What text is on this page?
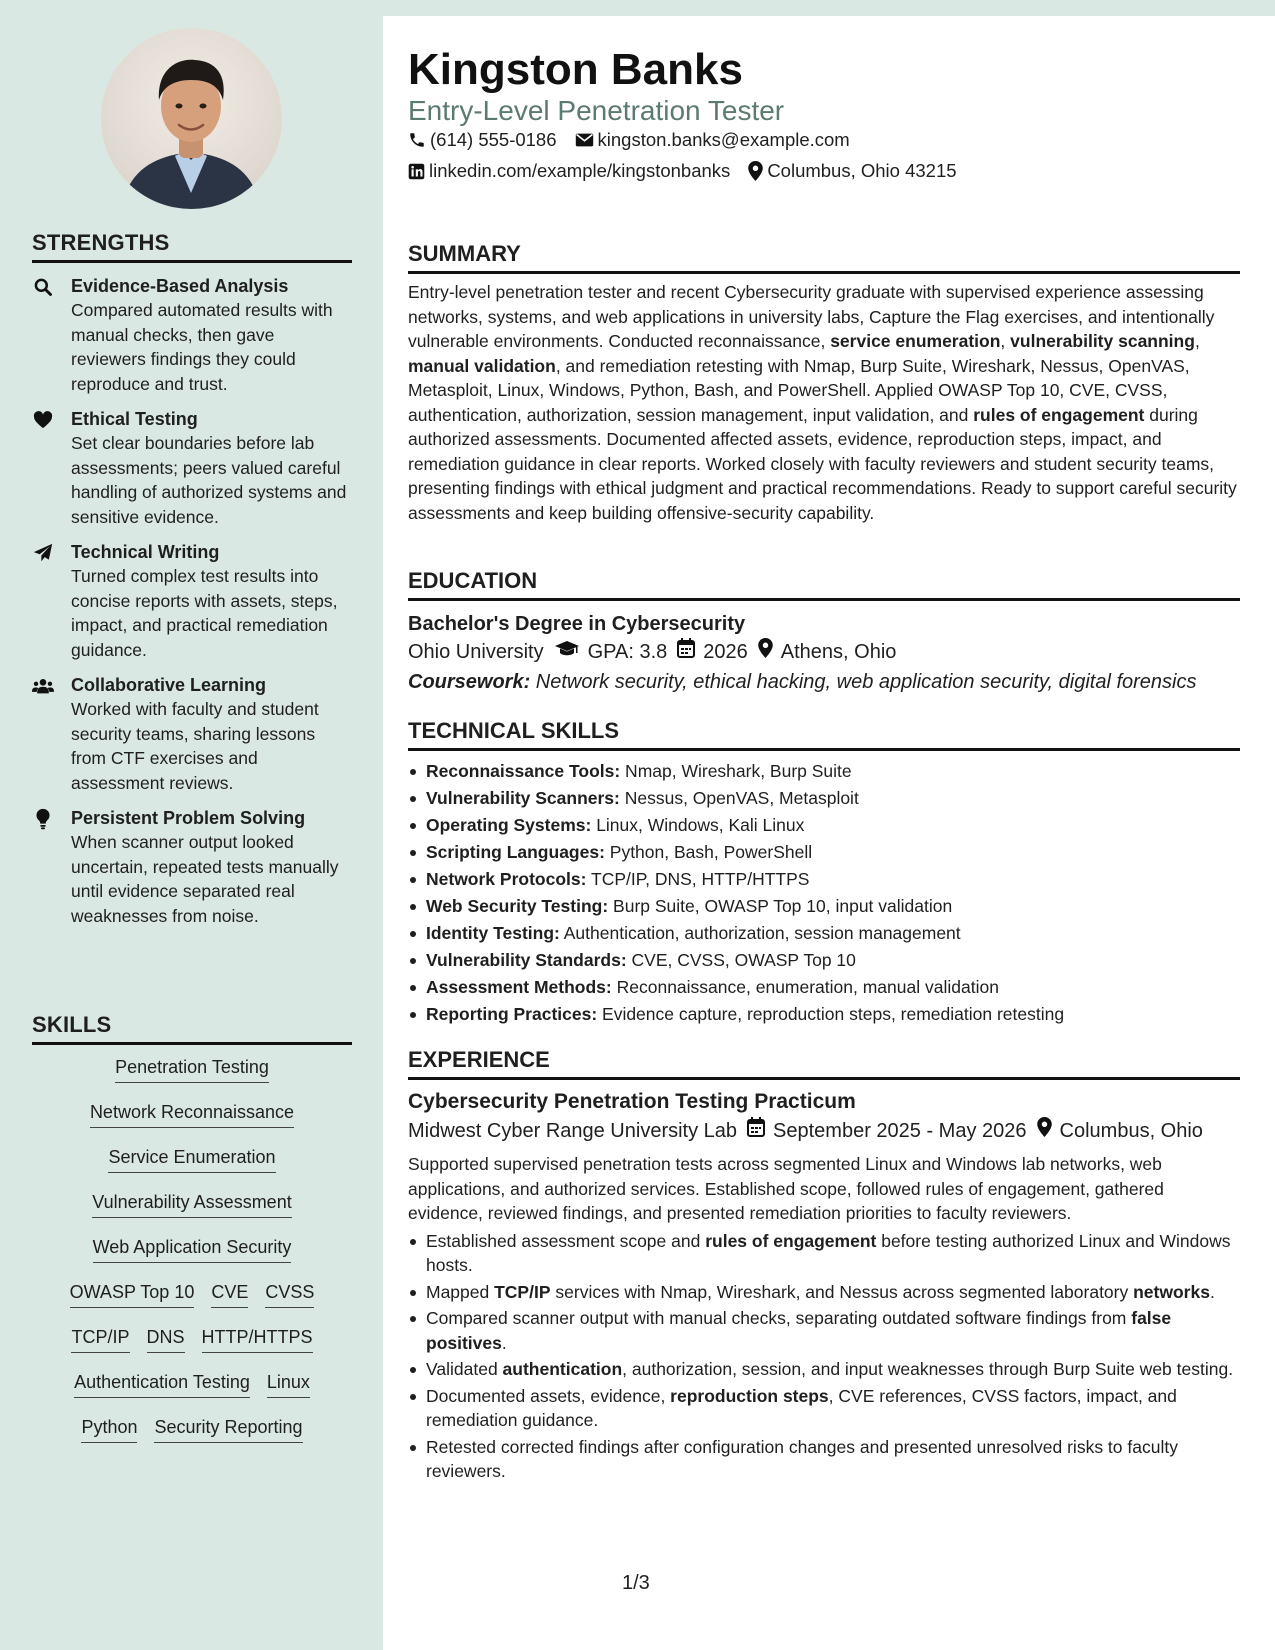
Kingston Banks
Entry-Level Penetration Tester
(614) 555-0186 kingston.banks@example.com
linkedin.com/example/kingstonbanks Columbus, Ohio 43215
STRENGTHS
Evidence-Based Analysis
Compared automated results with manual checks, then gave reviewers findings they could reproduce and trust.
Ethical Testing
Set clear boundaries before lab assessments; peers valued careful handling of authorized systems and sensitive evidence.
Technical Writing
Turned complex test results into concise reports with assets, steps, impact, and practical remediation guidance.
Collaborative Learning
Worked with faculty and student security teams, sharing lessons from CTF exercises and assessment reviews.
Persistent Problem Solving
When scanner output looked uncertain, repeated tests manually until evidence separated real weaknesses from noise.
SKILLS
Penetration Testing
Network Reconnaissance
Service Enumeration
Vulnerability Assessment
Web Application Security
OWASP Top 10 CVE CVSS
TCP/IP DNS HTTP/HTTPS
Authentication Testing Linux
Python Security Reporting
SUMMARY

Entry-level penetration tester and recent Cybersecurity graduate with supervised experience assessing networks, systems, and web applications in university labs, Capture the Flag exercises, and intentionally vulnerable environments. Conducted reconnaissance, service enumeration, vulnerability scanning, manual validation, and remediation retesting with Nmap, Burp Suite, Wireshark, Nessus, OpenVAS, Metasploit, Linux, Windows, Python, Bash, and PowerShell. Applied OWASP Top 10, CVE, CVSS, authentication, authorization, session management, input validation, and rules of engagement during authorized assessments. Documented affected assets, evidence, reproduction steps, impact, and remediation guidance in clear reports. Worked closely with faculty reviewers and student security teams, presenting findings with ethical judgment and practical recommendations. Ready to support careful security assessments and keep building offensive-security capability.

EDUCATION
Bachelor's Degree in Cybersecurity
Ohio University GPA: 3.8 2026 Athens, Ohio
Coursework: Network security, ethical hacking, web application security, digital forensics
TECHNICAL SKILLS
Reconnaissance Tools: Nmap, Wireshark, Burp Suite
Vulnerability Scanners: Nessus, OpenVAS, Metasploit
Operating Systems: Linux, Windows, Kali Linux
Scripting Languages: Python, Bash, PowerShell
Network Protocols: TCP/IP, DNS, HTTP/HTTPS
Web Security Testing: Burp Suite, OWASP Top 10, input validation
Identity Testing: Authentication, authorization, session management
Vulnerability Standards: CVE, CVSS, OWASP Top 10
Assessment Methods: Reconnaissance, enumeration, manual validation
Reporting Practices: Evidence capture, reproduction steps, remediation retesting
EXPERIENCE
Cybersecurity Penetration Testing Practicum
Midwest Cyber Range University Lab September 2025 - May 2026 Columbus, Ohio

Supported supervised penetration tests across segmented Linux and Windows lab networks, web applications, and authorized services. Established scope, followed rules of engagement, gathered evidence, reviewed findings, and presented remediation priorities to faculty reviewers.

Established assessment scope and rules of engagement before testing authorized Linux and Windows hosts.
Mapped TCP/IP services with Nmap, Wireshark, and Nessus across segmented laboratory networks.
Compared scanner output with manual checks, separating outdated software findings from false positives.
Validated authentication, authorization, session, and input weaknesses through Burp Suite web testing.
Documented assets, evidence, reproduction steps, CVE references, CVSS factors, impact, and remediation guidance.
Retested corrected findings after configuration changes and presented unresolved risks to faculty reviewers.
1/3
